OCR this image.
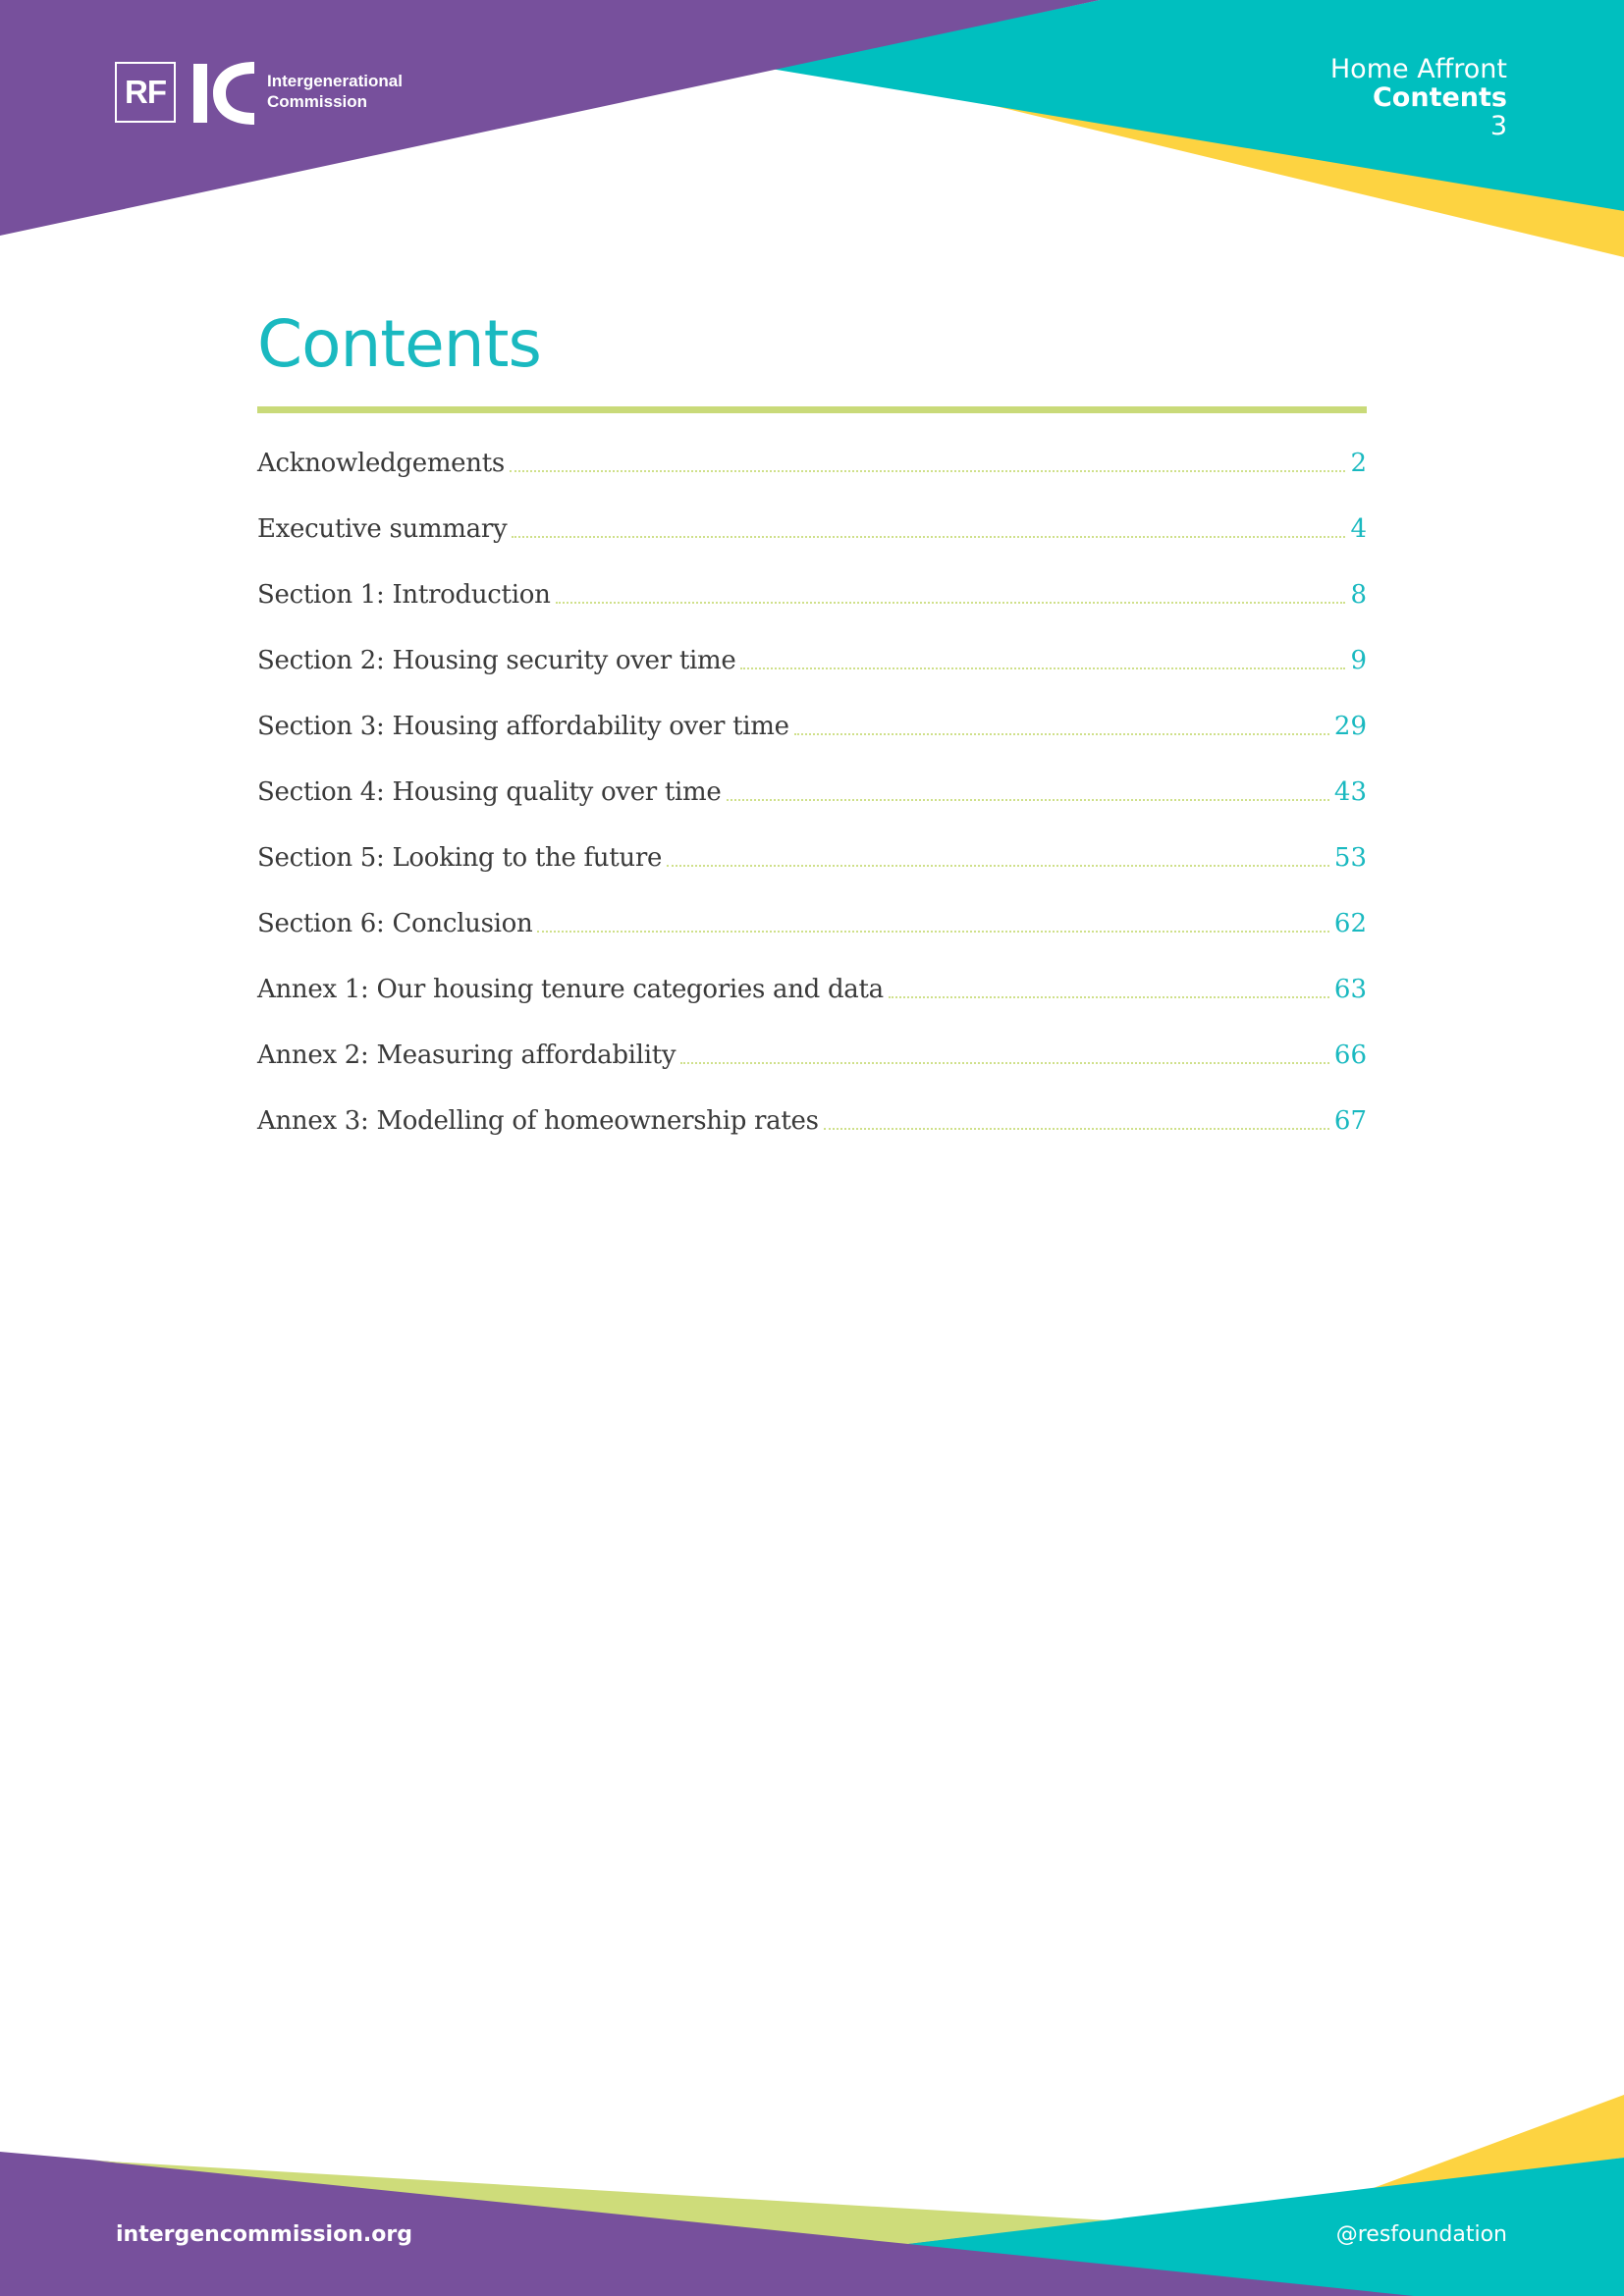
RF	Intergenerational
Commission
Home Affront
Contents
3
Contents
Acknowledgements	2
Executive summary	4
Section 1: Introduction	8
Section 2: Housing security over time	9
Section 3: Housing affordability over time	29
Section 4: Housing quality over time	43
Section 5: Looking to the future	53
Section 6: Conclusion	62
Annex 1: Our housing tenure categories and data	63
Annex 2: Measuring affordability	66
Annex 3: Modelling of homeownership rates	67
intergencommission.org	@resfoundation
